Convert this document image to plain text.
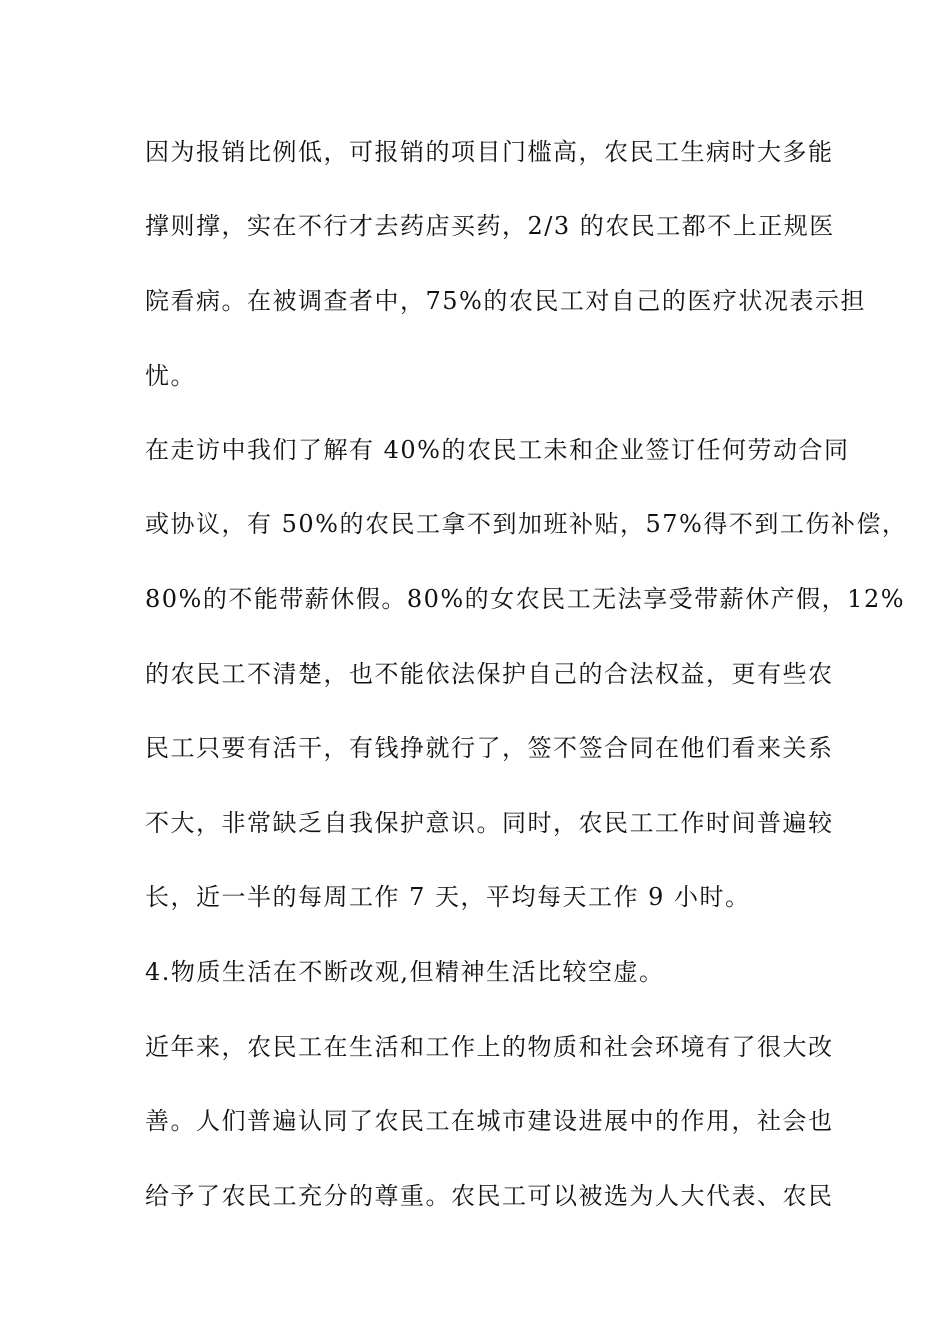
因为报销比例低，可报销的项目门槛高，农民工生病时大多能
撑则撑，实在不行才去药店买药，2/3 的农民工都不上正规医
院看病。在被调查者中，75%的农民工对自己的医疗状况表示担
忧。
在走访中我们了解有 40%的农民工未和企业签订任何劳动合同
或协议，有 50%的农民工拿不到加班补贴，57%得不到工伤补偿，
80%的不能带薪休假。80%的女农民工无法享受带薪休产假，12%
的农民工不清楚，也不能依法保护自己的合法权益，更有些农
民工只要有活干，有钱挣就行了，签不签合同在他们看来关系
不大，非常缺乏自我保护意识。同时，农民工工作时间普遍较
长，近一半的每周工作 7 天，平均每天工作 9 小时。
4.物质生活在不断改观,但精神生活比较空虚。
近年来，农民工在生活和工作上的物质和社会环境有了很大改
善。人们普遍认同了农民工在城市建设进展中的作用，社会也
给予了农民工充分的尊重。农民工可以被选为人大代表、农民
